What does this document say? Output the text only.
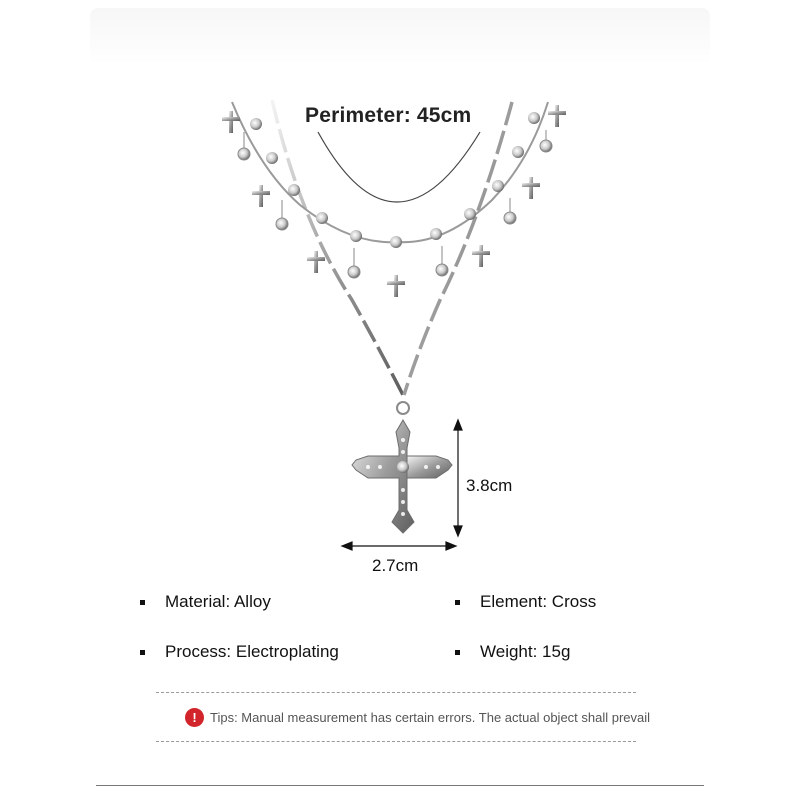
Perimeter: 45cm
3.8cm
2.7cm
Material: Alloy	Element: Cross
Process: Electroplating	Weight: 15g
!	Tips: Manual measurement has certain errors. The actual object shall prevail
